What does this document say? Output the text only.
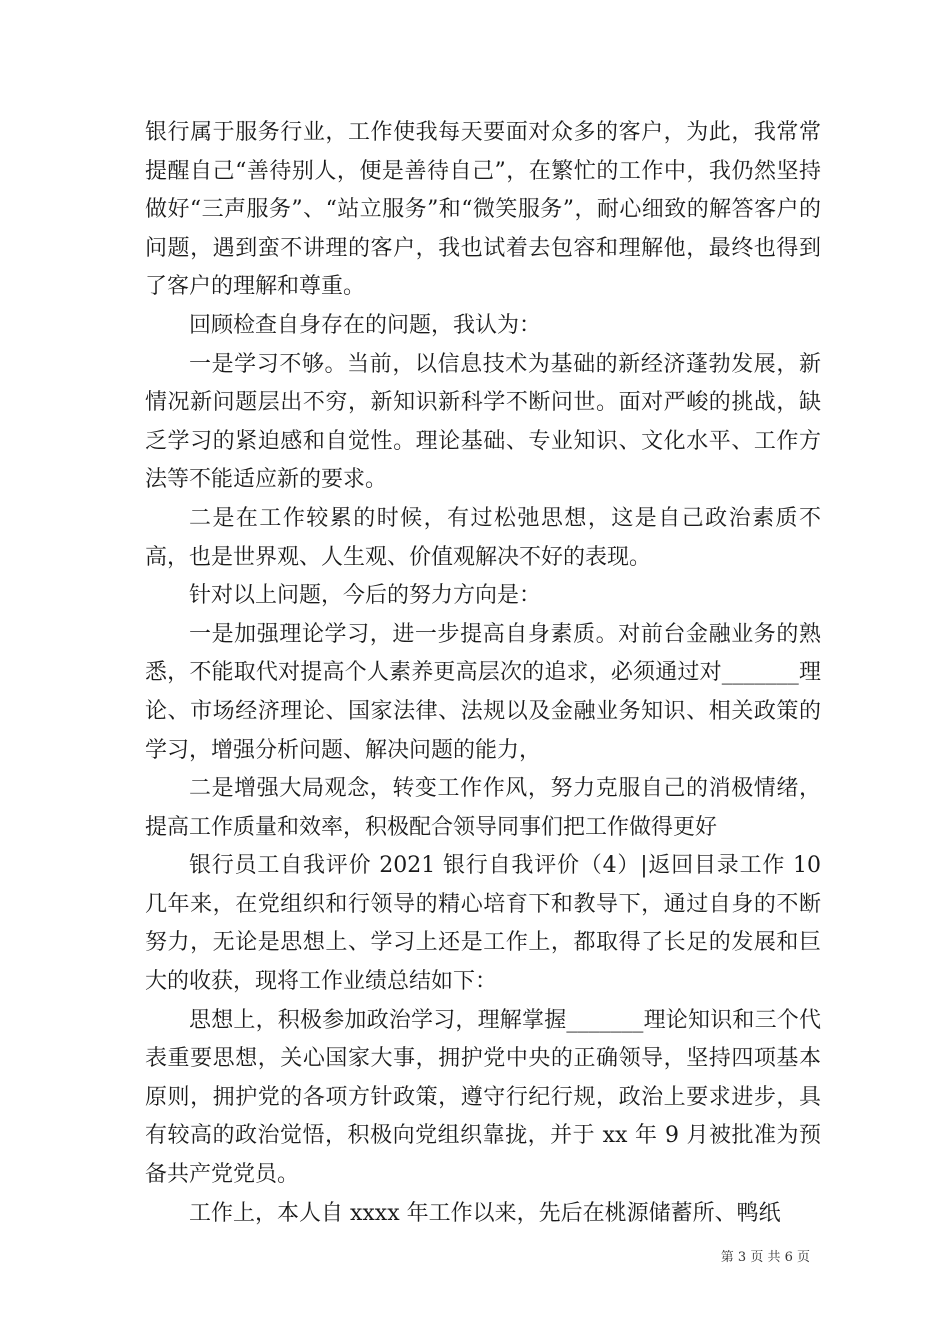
银行属于服务行业，工作使我每天要面对众多的客户，为此，我常常提醒自己“善待别人，便是善待自己”，在繁忙的工作中，我仍然坚持做好“三声服务”、“站立服务”和“微笑服务”，耐心细致的解答客户的问题，遇到蛮不讲理的客户，我也试着去包容和理解他，最终也得到了客户的理解和尊重。

回顾检查自身存在的问题，我认为：

一是学习不够。当前，以信息技术为基础的新经济蓬勃发展，新情况新问题层出不穷，新知识新科学不断问世。面对严峻的挑战，缺乏学习的紧迫感和自觉性。理论基础、专业知识、文化水平、工作方法等不能适应新的要求。

二是在工作较累的时候，有过松弛思想，这是自己政治素质不高，也是世界观、人生观、价值观解决不好的表现。

针对以上问题，今后的努力方向是：

一是加强理论学习，进一步提高自身素质。对前台金融业务的熟悉，不能取代对提高个人素养更高层次的追求，必须通过对_______理论、市场经济理论、国家法律、法规以及金融业务知识、相关政策的学习，增强分析问题、解决问题的能力，

二是增强大局观念，转变工作作风，努力克服自己的消极情绪，提高工作质量和效率，积极配合领导同事们把工作做得更好

银行员工自我评价 2021 银行自我评价（4）|返回目录工作 10 几年来，在党组织和行领导的精心培育下和教导下，通过自身的不断努力，无论是思想上、学习上还是工作上，都取得了长足的发展和巨大的收获，现将工作业绩总结如下：

思想上，积极参加政治学习，理解掌握_______理论知识和三个代表重要思想，关心国家大事，拥护党中央的正确领导，坚持四项基本原则，拥护党的各项方针政策，遵守行纪行规，政治上要求进步，具有较高的政治觉悟，积极向党组织靠拢，并于 xx 年 9 月被批准为预备共产党党员。

工作上，本人自 xxxx 年工作以来，先后在桃源储蓄所、鸭纸

第 3 页 共 6 页
